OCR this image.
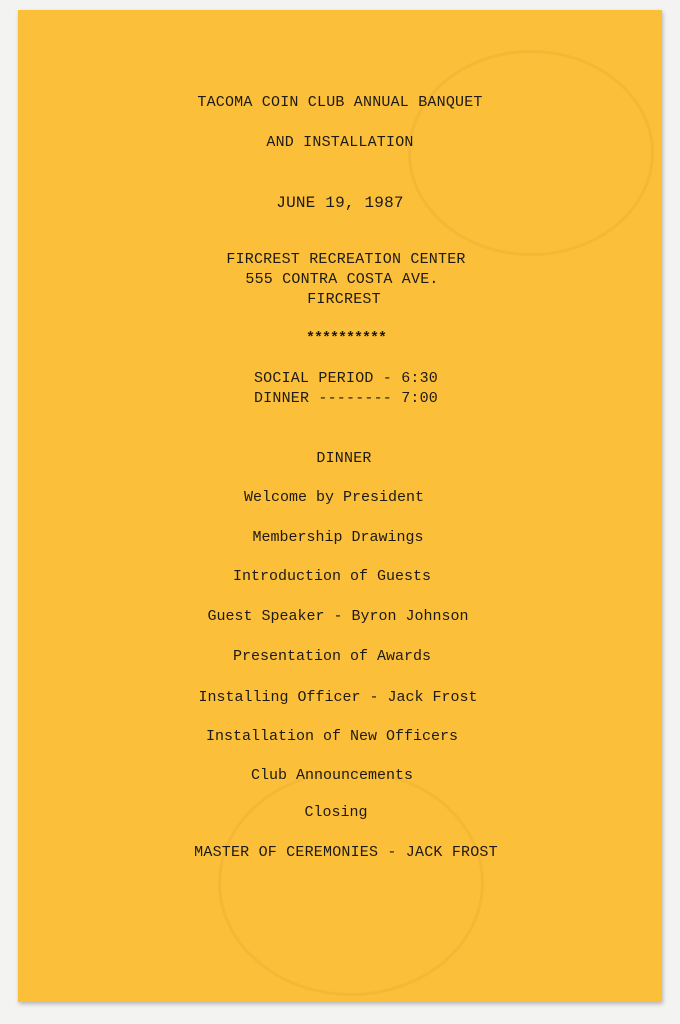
TACOMA COIN CLUB ANNUAL BANQUET
AND INSTALLATION
JUNE 19, 1987
FIRCREST RECREATION CENTER
555 CONTRA COSTA AVE.
FIRCREST
**********
SOCIAL PERIOD - 6:30
DINNER -------- 7:00
DINNER
Welcome by President
Membership Drawings
Introduction of Guests
Guest Speaker - Byron Johnson
Presentation of Awards
Installing Officer - Jack Frost
Installation of New Officers
Club Announcements
Closing
MASTER OF CEREMONIES - JACK FROST
